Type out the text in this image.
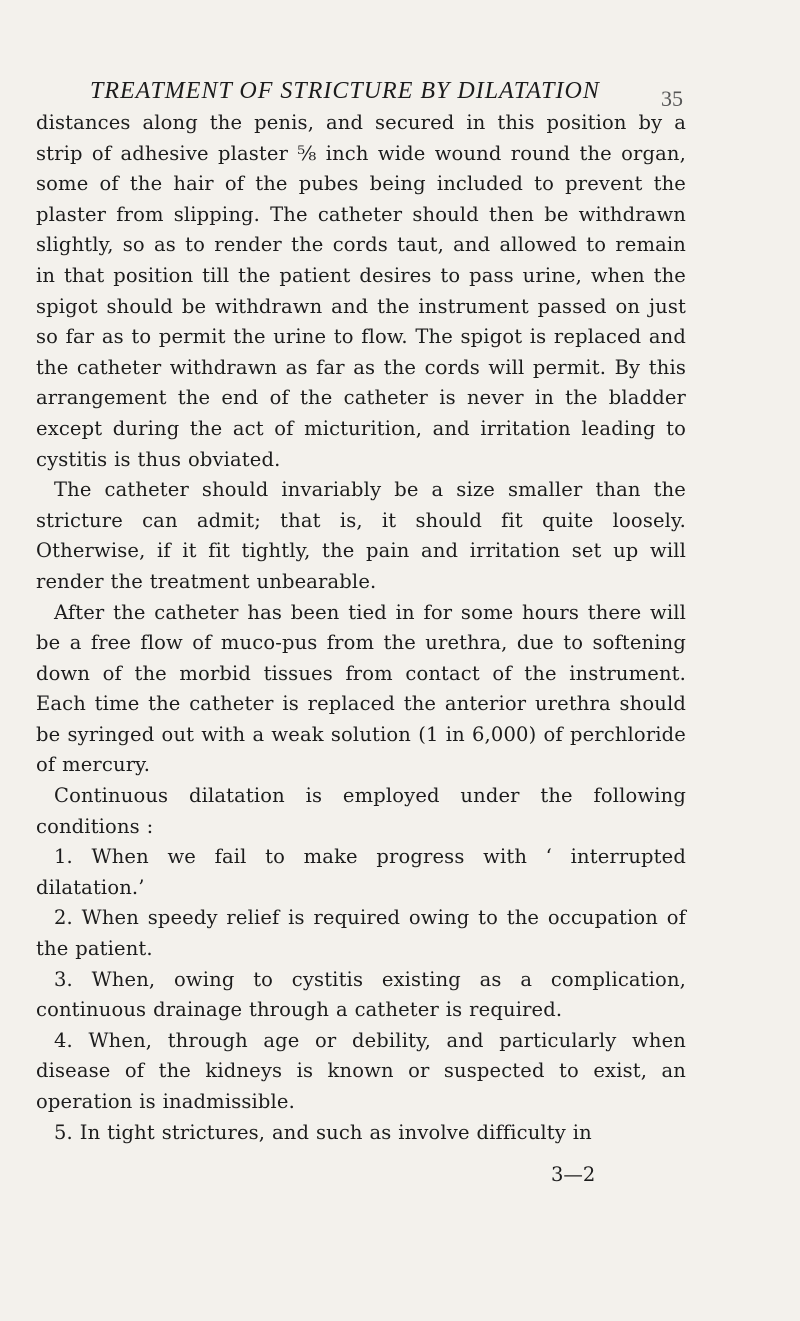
TREATMENT OF STRICTURE BY DILATATION	35

distances along the penis, and secured in this position by a strip of adhesive plaster ⅝ inch wide wound round the organ, some of the hair of the pubes being included to prevent the plaster from slipping. The catheter should then be withdrawn slightly, so as to render the cords taut, and allowed to remain in that position till the patient desires to pass urine, when the spigot should be withdrawn and the instrument passed on just so far as to permit the urine to flow. The spigot is replaced and the catheter withdrawn as far as the cords will permit. By this arrangement the end of the catheter is never in the bladder except during the act of micturition, and irritation leading to cystitis is thus obviated.

The catheter should invariably be a size smaller than the stricture can admit; that is, it should fit quite loosely. Otherwise, if it fit tightly, the pain and irritation set up will render the treatment unbearable.

After the catheter has been tied in for some hours there will be a free flow of muco-pus from the urethra, due to softening down of the morbid tissues from contact of the instrument. Each time the catheter is replaced the anterior urethra should be syringed out with a weak solution (1 in 6,000) of perchloride of mercury.

Continuous dilatation is employed under the following conditions :

1. When we fail to make progress with ‘ interrupted dilatation.’

2. When speedy relief is required owing to the occupation of the patient.

3. When, owing to cystitis existing as a complication, continuous drainage through a catheter is required.

4. When, through age or debility, and particularly when disease of the kidneys is known or suspected to exist, an operation is inadmissible.

5. In tight strictures, and such as involve difficulty in

3—2
